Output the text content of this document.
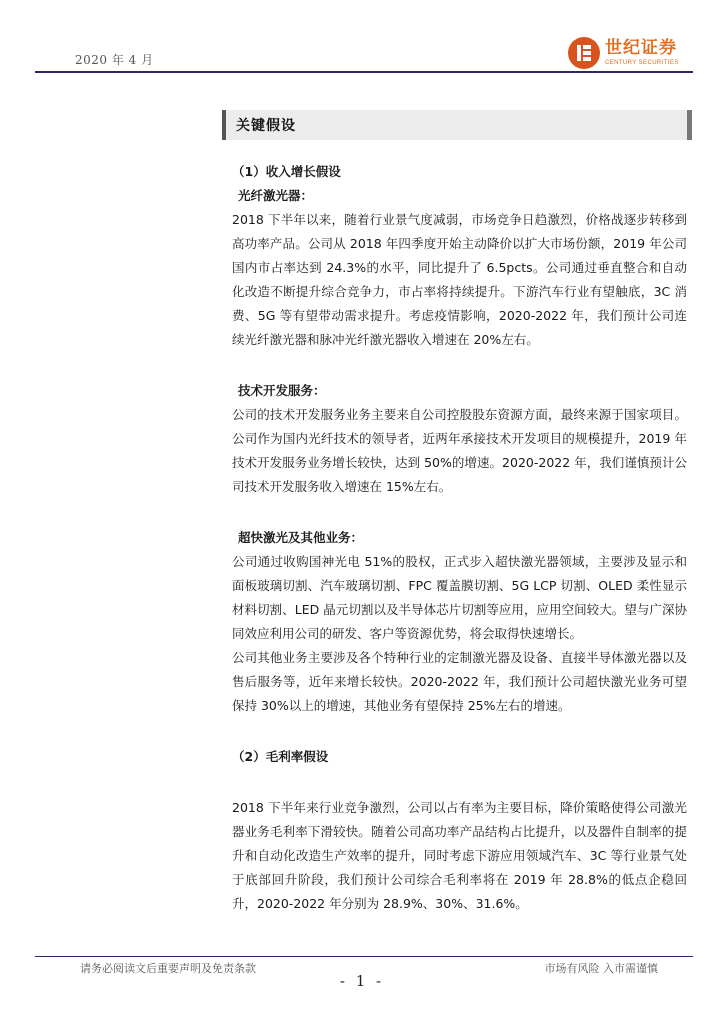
2020 年 4 月
世纪证券
CENTURY SECURITIES
关键假设

（1）收入增长假设

光纤激光器：

2018 下半年以来，随着行业景气度减弱，市场竞争日趋激烈，价格战逐步转移到高功率产品。公司从 2018 年四季度开始主动降价以扩大市场份额，2019 年公司国内市占率达到 24.3%的水平，同比提升了 6.5pcts。公司通过垂直整合和自动化改造不断提升综合竞争力，市占率将持续提升。下游汽车行业有望触底，3C 消费、5G 等有望带动需求提升。考虑疫情影响，2020-2022 年，我们预计公司连续光纤激光器和脉冲光纤激光器收入增速在 20%左右。

技术开发服务：

公司的技术开发服务业务主要来自公司控股股东资源方面，最终来源于国家项目。公司作为国内光纤技术的领导者，近两年承接技术开发项目的规模提升，2019 年技术开发服务业务增长较快，达到 50%的增速。2020-2022 年，我们谨慎预计公司技术开发服务收入增速在 15%左右。

超快激光及其他业务：

公司通过收购国神光电 51%的股权，正式步入超快激光器领域，主要涉及显示和面板玻璃切割、汽车玻璃切割、FPC 覆盖膜切割、5G LCP 切割、OLED 柔性显示材料切割、LED 晶元切割以及半导体芯片切割等应用，应用空间较大。望与广深协同效应利用公司的研发、客户等资源优势，将会取得快速增长。

公司其他业务主要涉及各个特种行业的定制激光器及设备、直接半导体激光器以及售后服务等，近年来增长较快。2020-2022 年，我们预计公司超快激光业务可望保持 30%以上的增速，其他业务有望保持 25%左右的增速。

（2）毛利率假设

2018 下半年来行业竞争激烈，公司以占有率为主要目标，降价策略使得公司激光器业务毛利率下滑较快。随着公司高功率产品结构占比提升，以及器件自制率的提升和自动化改造生产效率的提升，同时考虑下游应用领域汽车、3C 等行业景气处于底部回升阶段，我们预计公司综合毛利率将在 2019 年 28.8%的低点企稳回升，2020-2022 年分别为 28.9%、30%、31.6%。

请务必阅读文后重要声明及免责条款	市场有风险 入市需谨慎
- 1 -
